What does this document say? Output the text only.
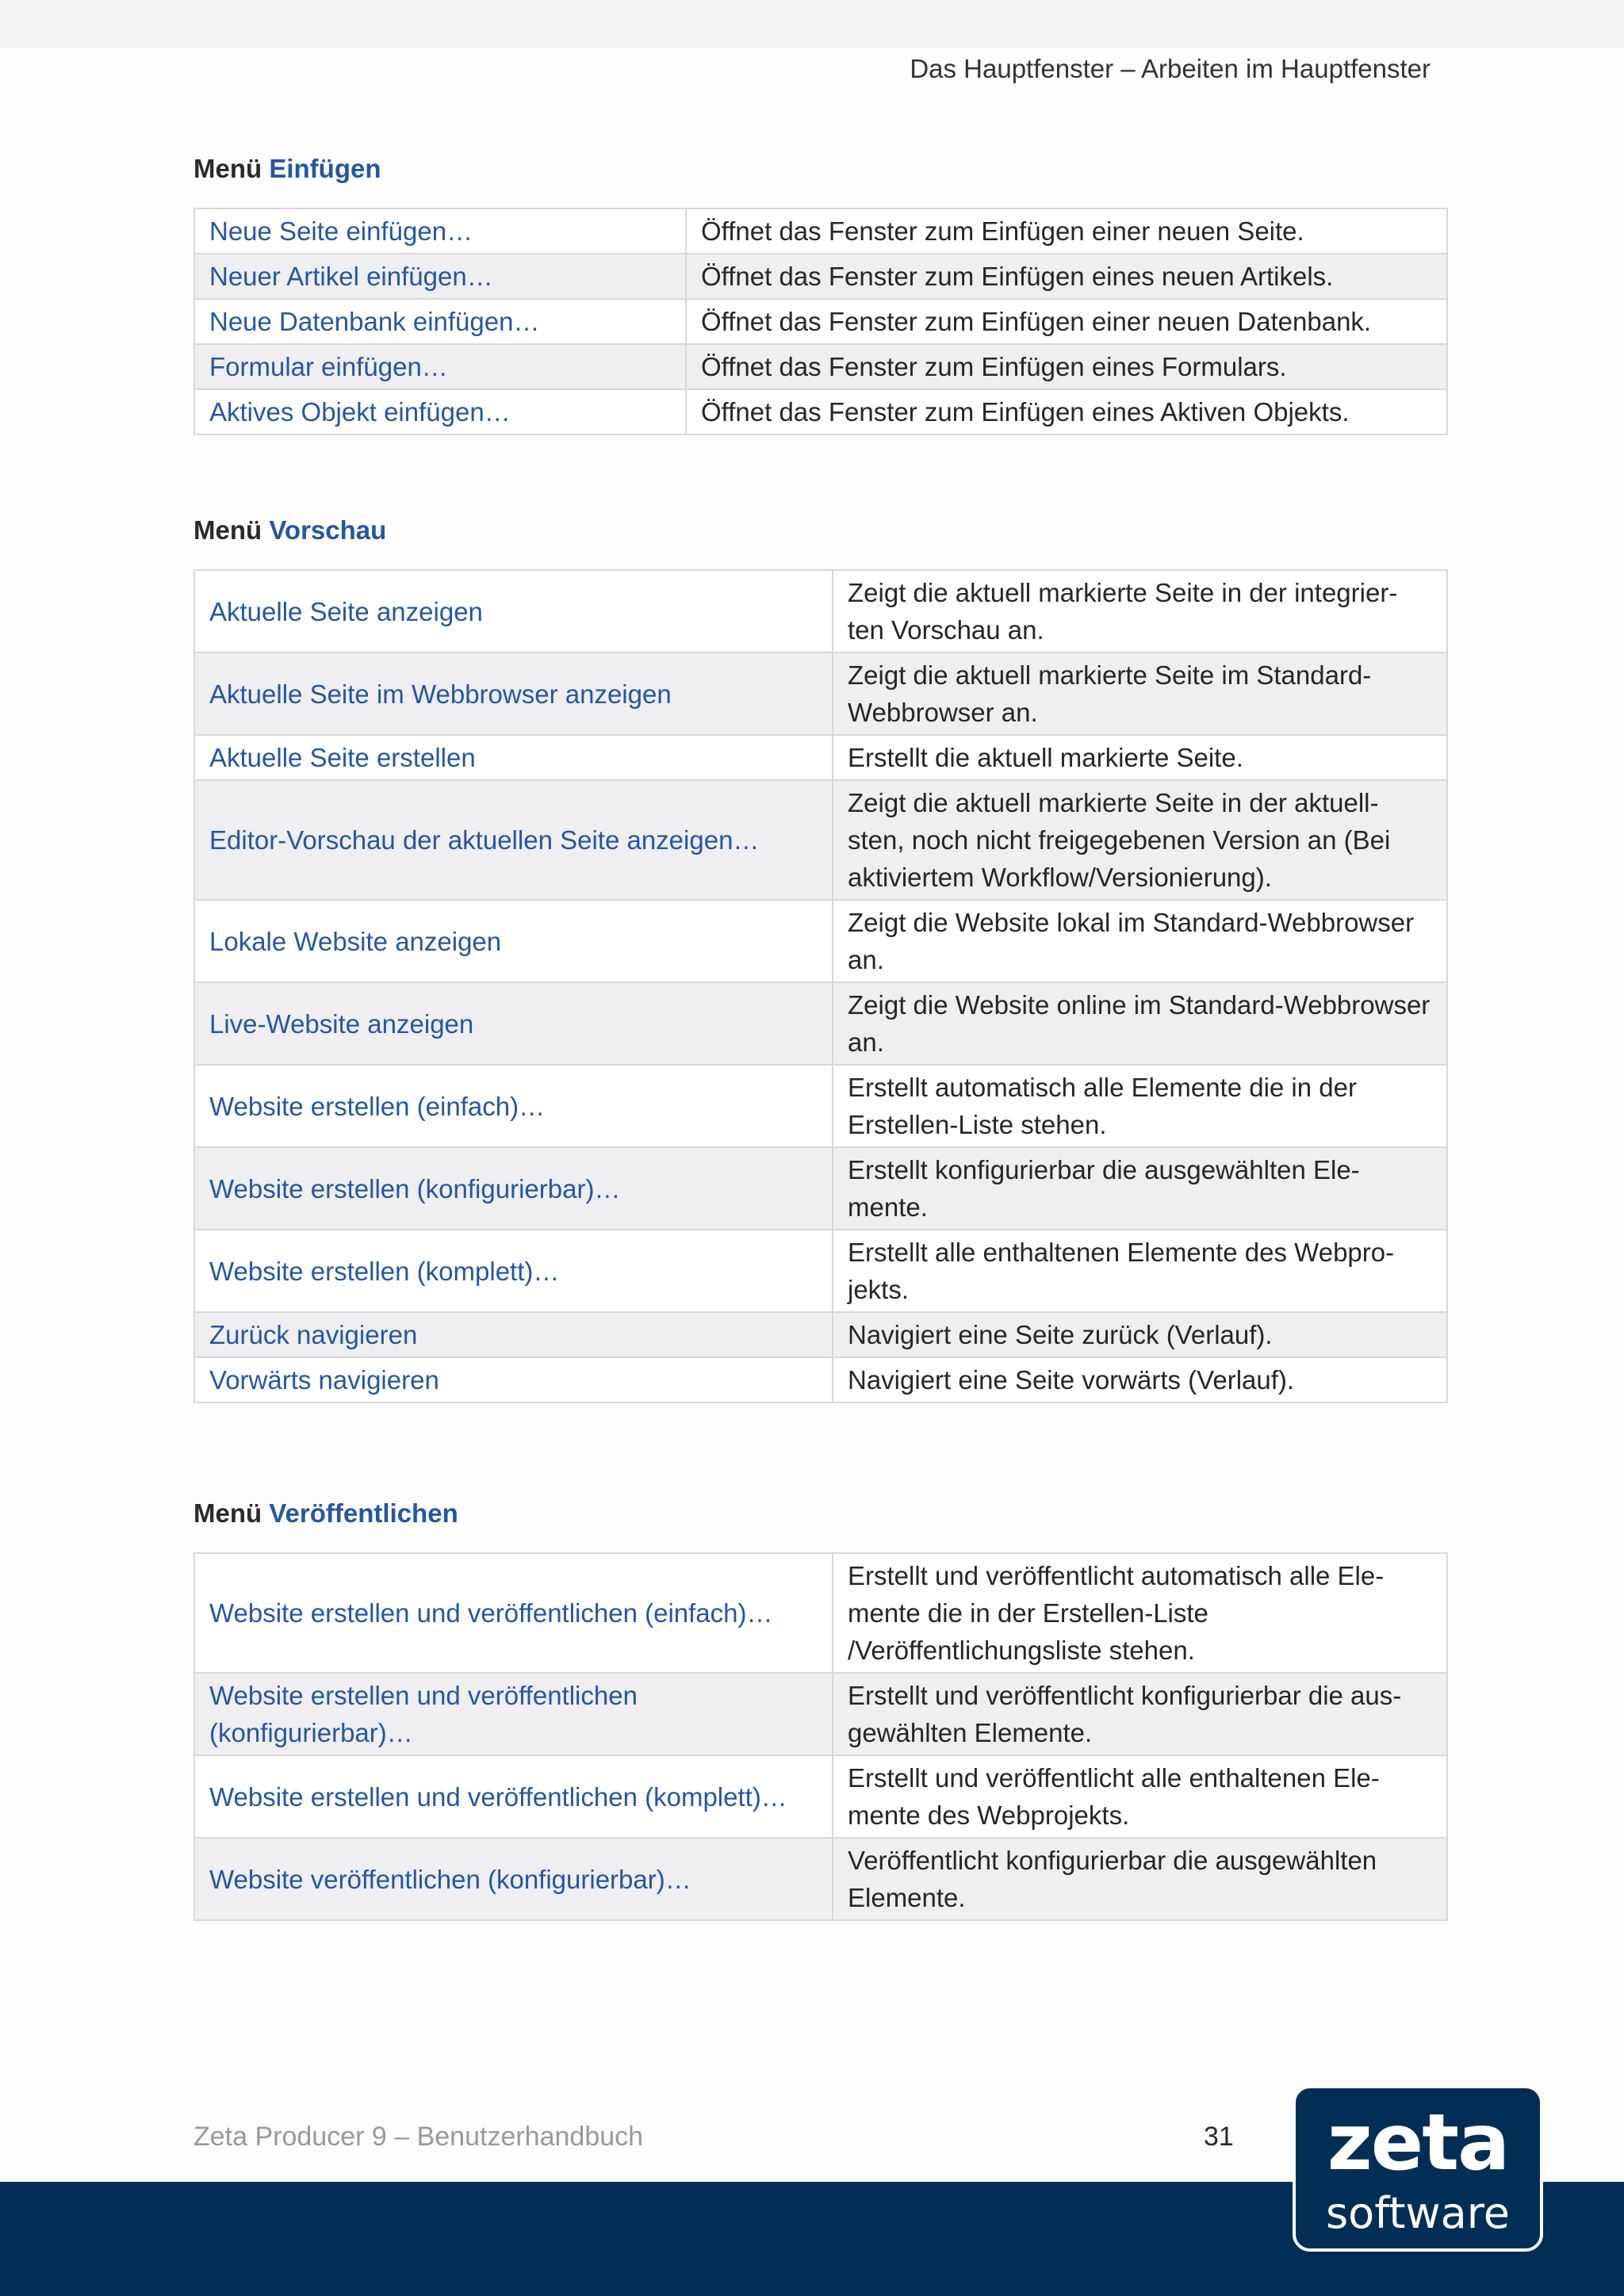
Das Hauptfenster – Arbeiten im Hauptfenster
Menü Einfügen
Neue Seite einfügen…	Öffnet das Fenster zum Einfügen einer neuen Seite.
Neuer Artikel einfügen…	Öffnet das Fenster zum Einfügen eines neuen Artikels.
Neue Datenbank einfügen…	Öffnet das Fenster zum Einfügen einer neuen Datenbank.
Formular einfügen…	Öffnet das Fenster zum Einfügen eines Formulars.
Aktives Objekt einfügen…	Öffnet das Fenster zum Einfügen eines Aktiven Objekts.
Menü Vorschau
Aktuelle Seite anzeigen	Zeigt die aktuell markierte Seite in der integrier-ten Vorschau an.
Aktuelle Seite im Webbrowser anzeigen	Zeigt die aktuell markierte Seite im Standard-Webbrowser an.
Aktuelle Seite erstellen	Erstellt die aktuell markierte Seite.
Editor-Vorschau der aktuellen Seite anzeigen…	Zeigt die aktuell markierte Seite in der aktuell-sten, noch nicht freigegebenen Version an (Bei aktiviertem Workflow/Versionierung).
Lokale Website anzeigen	Zeigt die Website lokal im Standard-Webbrowser an.
Live-Website anzeigen	Zeigt die Website online im Standard-Webbrowser an.
Website erstellen (einfach)…	Erstellt automatisch alle Elemente die in der Erstellen-Liste stehen.
Website erstellen (konfigurierbar)…	Erstellt konfigurierbar die ausgewählten Ele-mente.
Website erstellen (komplett)…	Erstellt alle enthaltenen Elemente des Webpro-jekts.
Zurück navigieren	Navigiert eine Seite zurück (Verlauf).
Vorwärts navigieren	Navigiert eine Seite vorwärts (Verlauf).
Menü Veröffentlichen
Website erstellen und veröffentlichen (einfach)…	Erstellt und veröffentlicht automatisch alle Ele-mente die in der Erstellen-Liste /Veröffentlichungsliste stehen.
Website erstellen und veröffentlichen (konfigurierbar)…	Erstellt und veröffentlicht konfigurierbar die aus-gewählten Elemente.
Website erstellen und veröffentlichen (komplett)…	Erstellt und veröffentlicht alle enthaltenen Ele-mente des Webprojekts.
Website veröffentlichen (konfigurierbar)…	Veröffentlicht konfigurierbar die ausgewählten Elemente.
Zeta Producer 9 – Benutzerhandbuch	31	zeta
software
